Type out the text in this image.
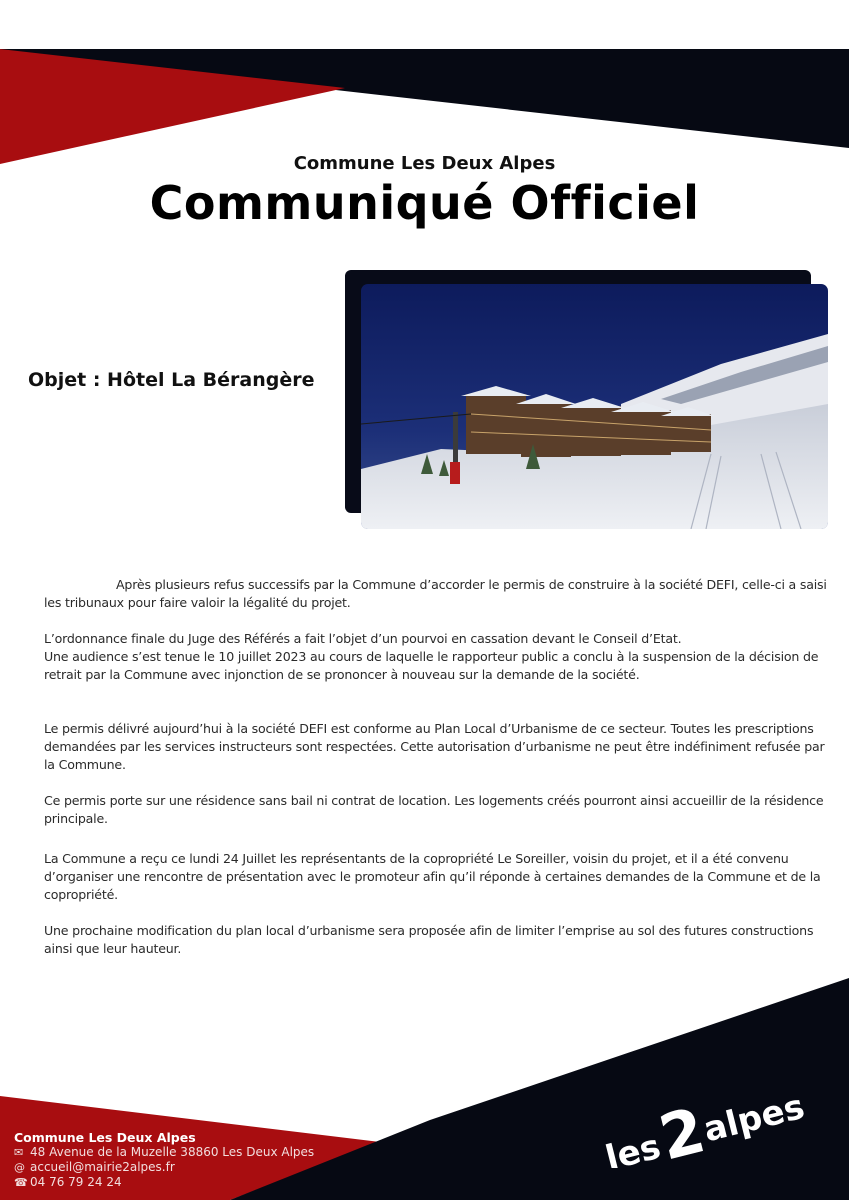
Commune Les Deux Alpes
Communiqué Officiel
Objet : Hôtel La Bérangère

Après plusieurs refus successifs par la Commune d’accorder le permis de construire à la société DEFI, celle-ci a saisi les tribunaux pour faire valoir la légalité du projet.

L’ordonnance finale du Juge des Référés a fait l’objet d’un pourvoi en cassation devant le Conseil d’Etat.

Une audience s’est tenue le 10 juillet 2023 au cours de laquelle le rapporteur public a conclu à la suspension de la décision de retrait par la Commune avec injonction de se prononcer à nouveau sur la demande de la société.

Le permis délivré aujourd’hui à la société DEFI est conforme au Plan Local d’Urbanisme de ce secteur. Toutes les prescriptions demandées par les services instructeurs sont respectées. Cette autorisation d’urbanisme ne peut être indéfiniment refusée par la Commune.

Ce permis porte sur une résidence sans bail ni contrat de location. Les logements créés pourront ainsi accueillir de la résidence principale.

La Commune a reçu ce lundi 24 Juillet les représentants de la copropriété Le Soreiller, voisin du projet, et il a été convenu d’organiser une rencontre de présentation avec le promoteur afin qu’il réponde à certaines demandes de la Commune et de la copropriété.

Une prochaine modification du plan local d’urbanisme sera proposée afin de limiter l’emprise au sol des futures constructions ainsi que leur hauteur.

Commune Les Deux Alpes
✉ 48 Avenue de la Muzelle 38860 Les Deux Alpes
@ accueil@mairie2alpes.fr
☎ 04 76 79 24 24
les
2
alpes
